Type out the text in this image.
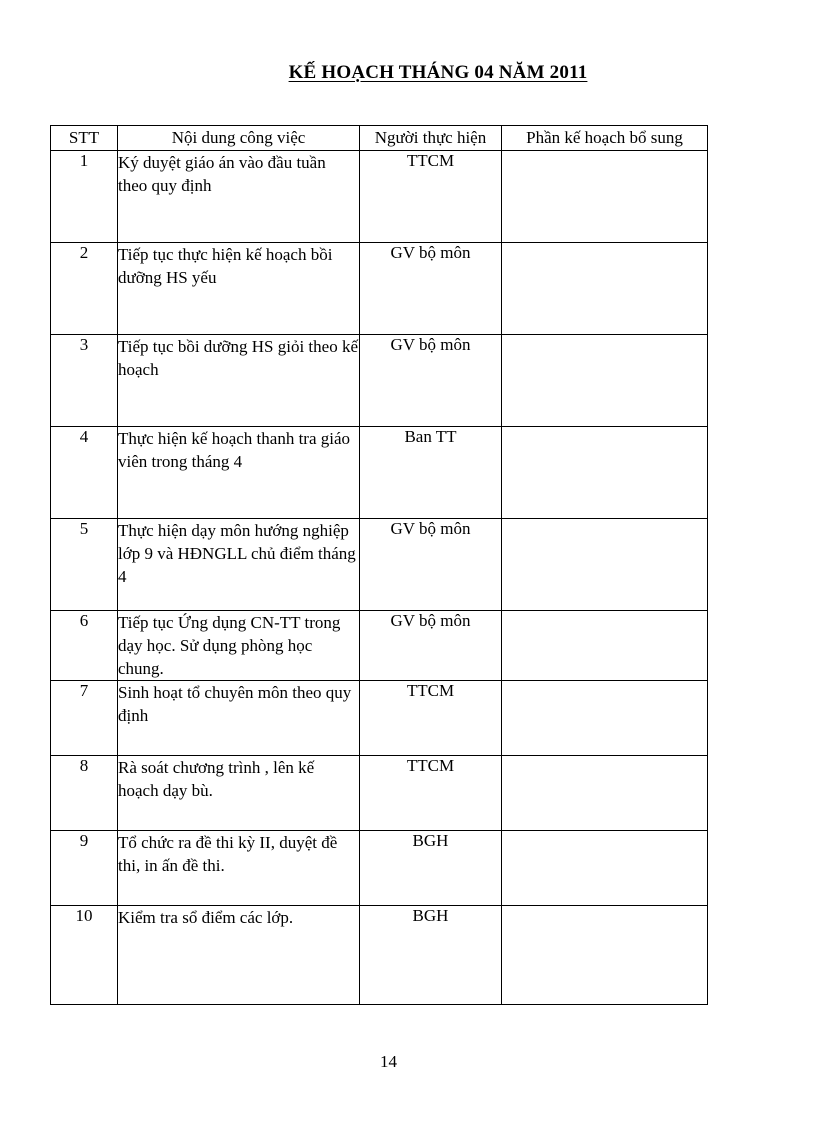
KẾ HOẠCH THÁNG 04 NĂM 2011
STT	Nội dung công việc	Người thực hiện	Phần kế hoạch bổ sung
1	Ký duyệt giáo án vào đầu tuần theo quy định	TTCM	
2	Tiếp tục thực hiện kế hoạch bồi dưỡng HS yếu	GV bộ môn	
3	Tiếp tục bồi dưỡng HS giỏi theo kế hoạch	GV bộ môn	
4	Thực hiện kế hoạch thanh tra giáo viên trong tháng 4	Ban TT	
5	Thực hiện dạy môn hướng nghiệp lớp 9 và HĐNGLL chủ điểm tháng 4	GV bộ môn	
6	Tiếp tục Ứng dụng CN-TT trong dạy học. Sử dụng phòng học chung.	GV bộ môn	
7	Sinh hoạt tổ chuyên môn theo quy định	TTCM	
8	Rà soát chương trình , lên kế hoạch dạy bù.	TTCM	
9	Tổ chức ra đề thi kỳ II, duyệt đề thi, in ấn đề thi.	BGH	
10	Kiểm tra sổ điểm các lớp.	BGH	
14
